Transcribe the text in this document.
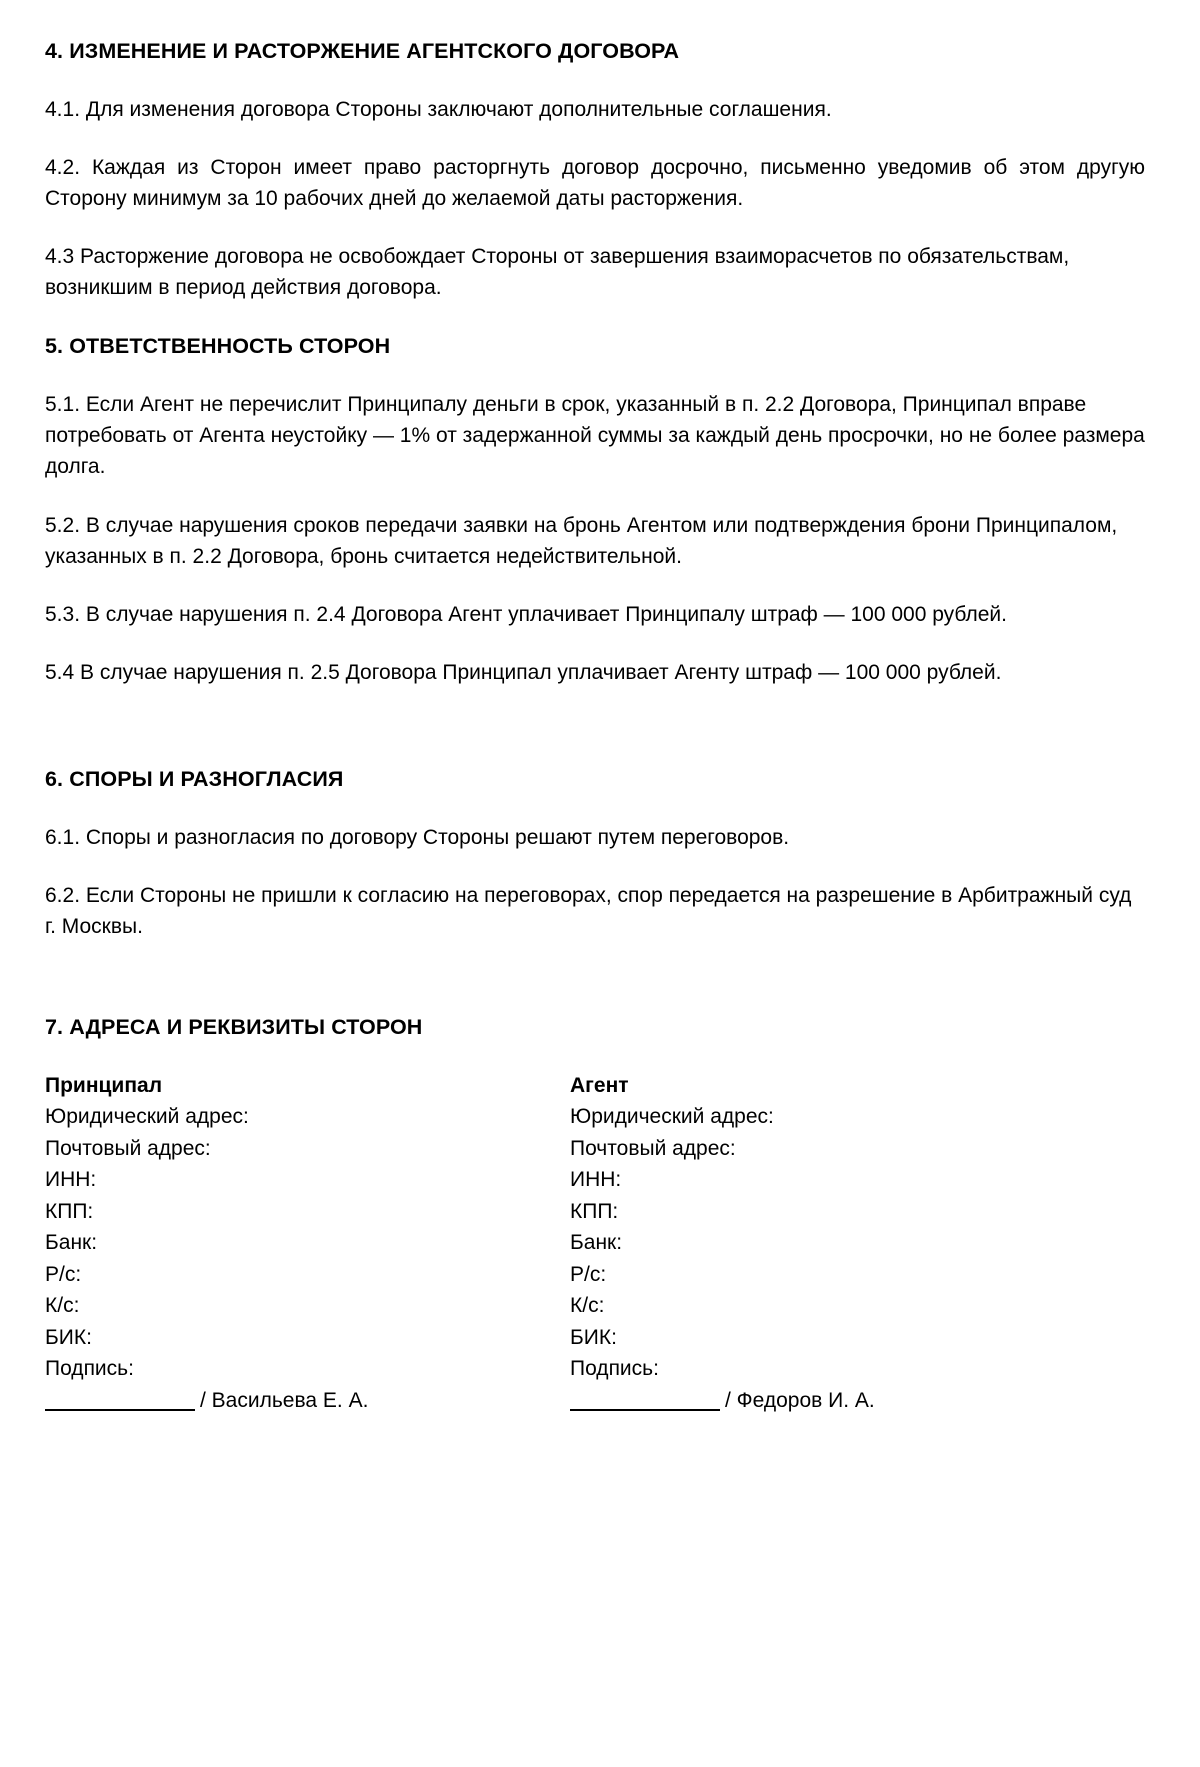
4. ИЗМЕНЕНИЕ И РАСТОРЖЕНИЕ АГЕНТСКОГО ДОГОВОРА

4.1. Для изменения договора Стороны заключают дополнительные соглашения.

4.2. Каждая из Сторон имеет право расторгнуть договор досрочно, письменно уведомив об этом другую Сторону минимум за 10 рабочих дней до желаемой даты расторжения.

4.3 Расторжение договора не освобождает Стороны от завершения взаиморасчетов по обязательствам, возникшим в период действия договора.

5. ОТВЕТСТВЕННОСТЬ СТОРОН

5.1. Если Агент не перечислит Принципалу деньги в срок, указанный в п. 2.2 Договора, Принципал вправе потребовать от Агента неустойку — 1% от задержанной суммы за каждый день просрочки, но не более размера долга.

5.2. В случае нарушения сроков передачи заявки на бронь Агентом или подтверждения брони Принципалом, указанных в п. 2.2 Договора, бронь считается недействительной.

5.3. В случае нарушения п. 2.4 Договора Агент уплачивает Принципалу штраф — 100 000 рублей.

5.4 В случае нарушения п. 2.5 Договора Принципал уплачивает Агенту штраф — 100 000 рублей.

6. СПОРЫ И РАЗНОГЛАСИЯ

6.1. Споры и разногласия по договору Стороны решают путем переговоров.

6.2. Если Стороны не пришли к согласию на переговорах, спор передается на разрешение в Арбитражный суд г. Москвы.

7. АДРЕСА И РЕКВИЗИТЫ СТОРОН
Принципал
Юридический адрес:
Почтовый адрес:
ИНН:
КПП:
Банк:
Р/с:
К/с:
БИК:
Подпись:
/ Васильева Е. А.
Агент
Юридический адрес:
Почтовый адрес:
ИНН:
КПП:
Банк:
Р/с:
К/с:
БИК:
Подпись:
/ Федоров И. А.
